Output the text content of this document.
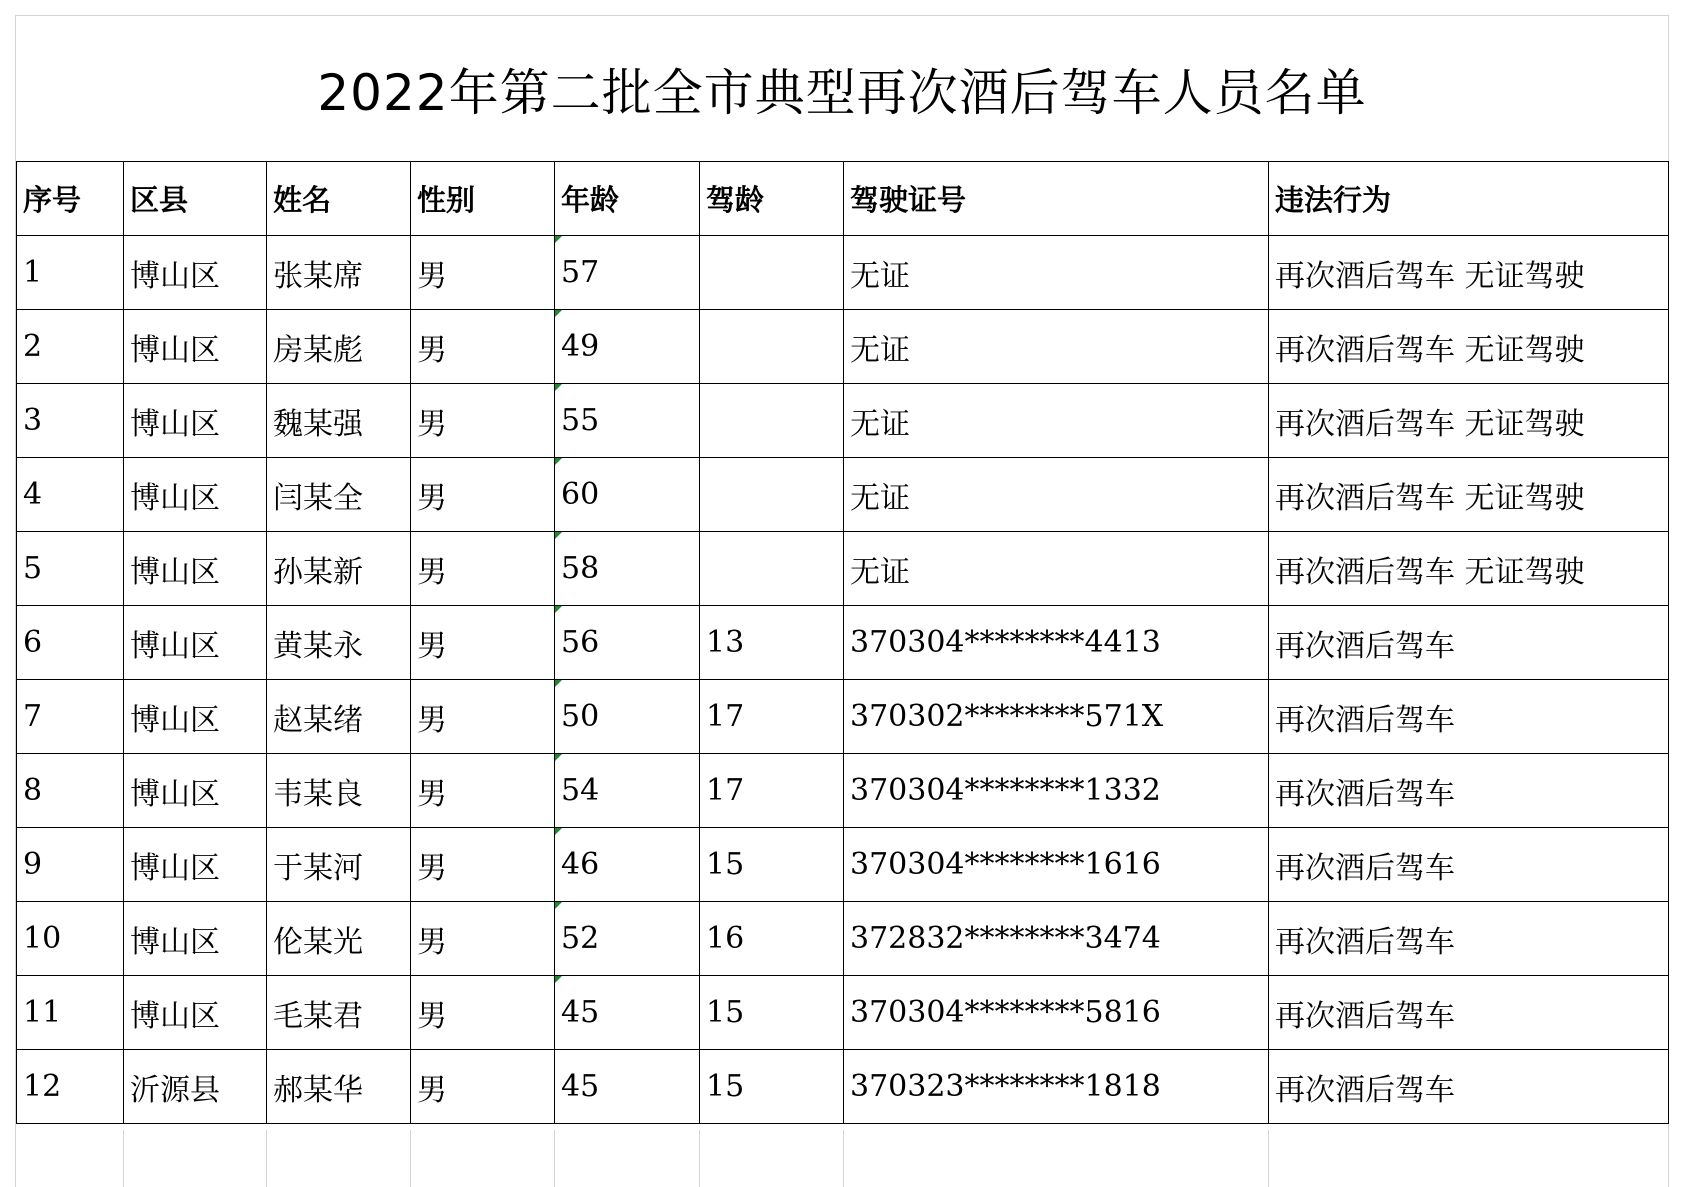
2022年第二批全市典型再次酒后驾车人员名单
序号	区县	姓名	性别	年龄	驾龄	驾驶证号	违法行为
1	博山区	张某席	男	57		无证	再次酒后驾车 无证驾驶
2	博山区	房某彪	男	49		无证	再次酒后驾车 无证驾驶
3	博山区	魏某强	男	55		无证	再次酒后驾车 无证驾驶
4	博山区	闫某全	男	60		无证	再次酒后驾车 无证驾驶
5	博山区	孙某新	男	58		无证	再次酒后驾车 无证驾驶
6	博山区	黄某永	男	56	13	370304********4413	再次酒后驾车
7	博山区	赵某绪	男	50	17	370302********571X	再次酒后驾车
8	博山区	韦某良	男	54	17	370304********1332	再次酒后驾车
9	博山区	于某河	男	46	15	370304********1616	再次酒后驾车
10	博山区	伦某光	男	52	16	372832********3474	再次酒后驾车
11	博山区	毛某君	男	45	15	370304********5816	再次酒后驾车
12	沂源县	郝某华	男	45	15	370323********1818	再次酒后驾车
